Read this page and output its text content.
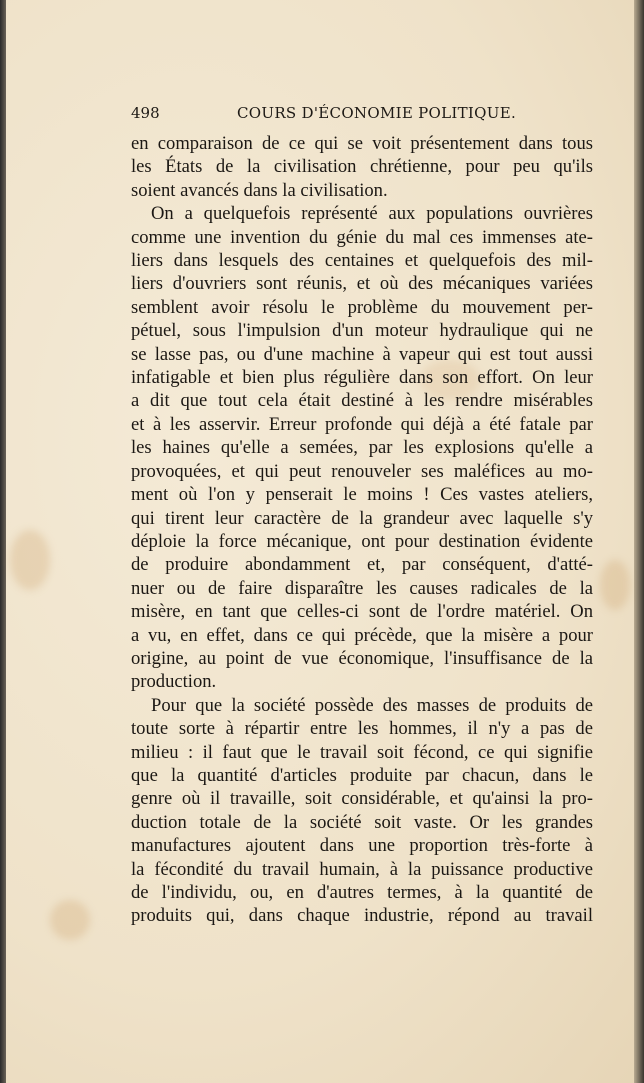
498	COURS D'ÉCONOMIE POLITIQUE.
en comparaison de ce qui se voit présentement dans tous
les États de la civilisation chrétienne, pour peu qu'ils
soient avancés dans la civilisation.
On a quelquefois représenté aux populations ouvrières
comme une invention du génie du mal ces immenses ate-
liers dans lesquels des centaines et quelquefois des mil-
liers d'ouvriers sont réunis, et où des mécaniques variées
semblent avoir résolu le problème du mouvement per-
pétuel, sous l'impulsion d'un moteur hydraulique qui ne
se lasse pas, ou d'une machine à vapeur qui est tout aussi
infatigable et bien plus régulière dans son effort. On leur
a dit que tout cela était destiné à les rendre misérables
et à les asservir. Erreur profonde qui déjà a été fatale par
les haines qu'elle a semées, par les explosions qu'elle a
provoquées, et qui peut renouveler ses maléfices au mo-
ment où l'on y penserait le moins ! Ces vastes ateliers,
qui tirent leur caractère de la grandeur avec laquelle s'y
déploie la force mécanique, ont pour destination évidente
de produire abondamment et, par conséquent, d'atté-
nuer ou de faire disparaître les causes radicales de la
misère, en tant que celles-ci sont de l'ordre matériel. On
a vu, en effet, dans ce qui précède, que la misère a pour
origine, au point de vue économique, l'insuffisance de la
production.
Pour que la société possède des masses de produits de
toute sorte à répartir entre les hommes, il n'y a pas de
milieu : il faut que le travail soit fécond, ce qui signifie
que la quantité d'articles produite par chacun, dans le
genre où il travaille, soit considérable, et qu'ainsi la pro-
duction totale de la société soit vaste. Or les grandes
manufactures ajoutent dans une proportion très-forte à
la fécondité du travail humain, à la puissance productive
de l'individu, ou, en d'autres termes, à la quantité de
produits qui, dans chaque industrie, répond au travail
